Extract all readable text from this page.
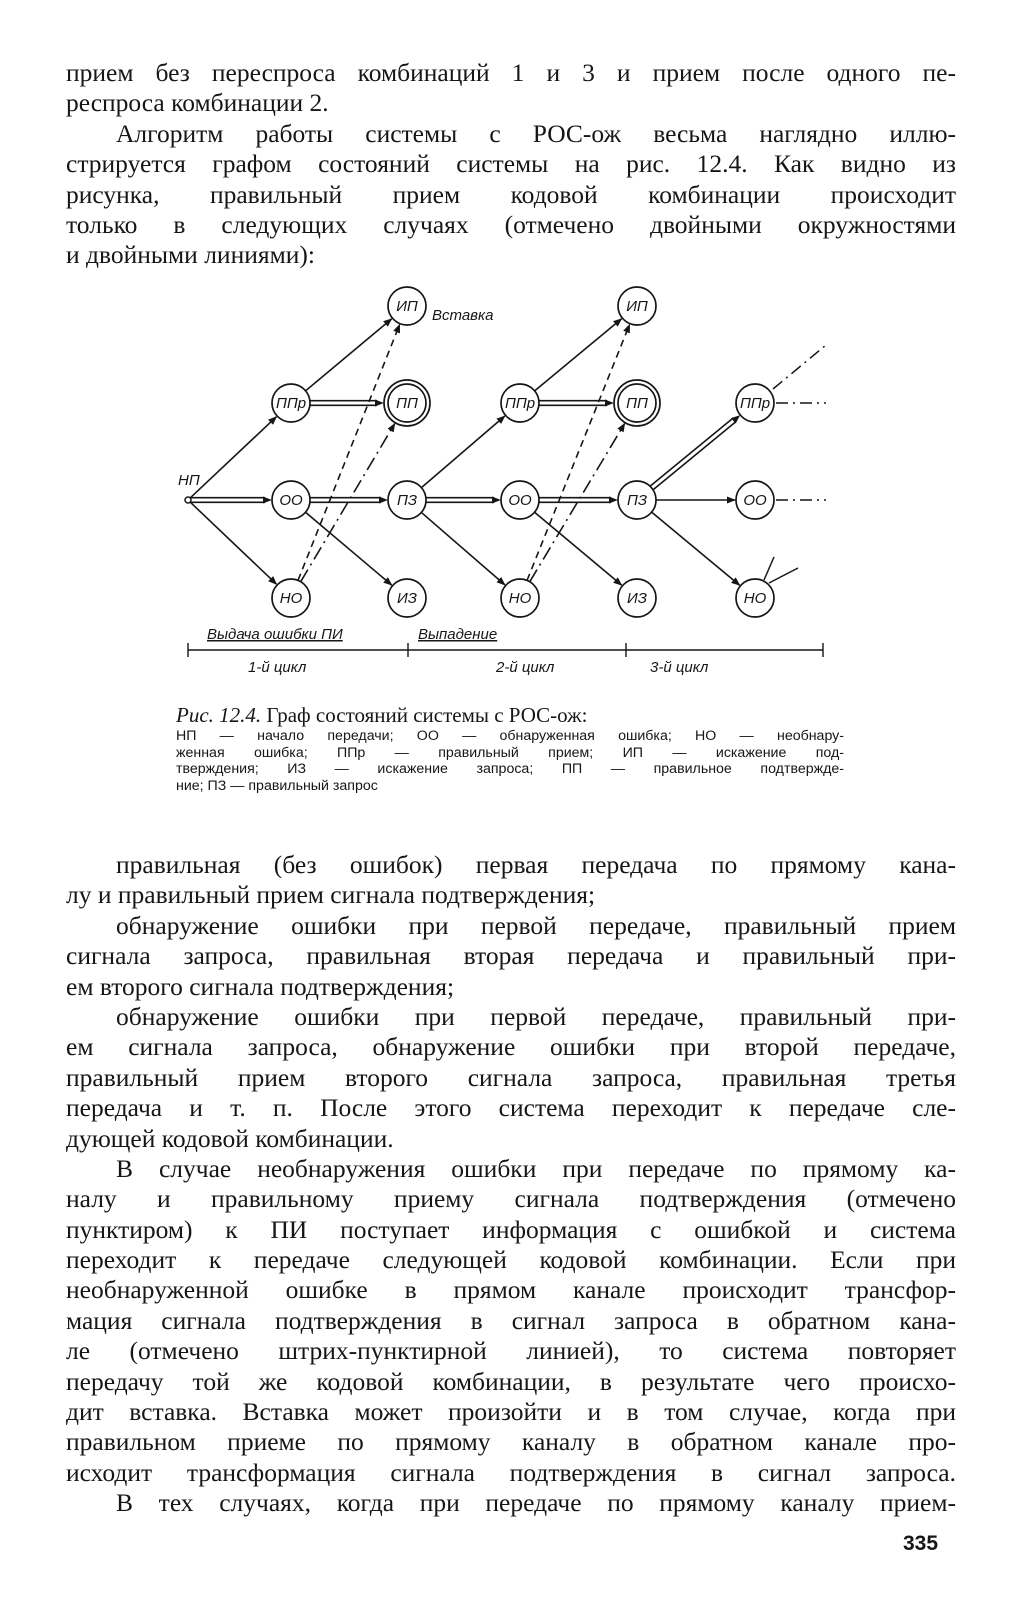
прием без переспроса комбинаций 1 и 3 и прием после одного пе-
респроса комбинации 2.
Алгоритм работы системы с РОС-ож весьма наглядно иллю-
стрируется графом состояний системы на рис. 12.4. Как видно из
рисунка, правильный прием кодовой комбинации происходит
только в следующих случаях (отмечено двойными окружностями
и двойными линиями):
ИП
ППр	ПП
ОО	ПЗ
НО	ИЗ
ИП
ППр	ПП
ОО	ПЗ
НО	ИЗ
ППр
ОО
НО
НП
Вставка
Выдача ошибки ПИ	Выпадение
1-й цикл	2-й цикл	3-й цикл
Рис. 12.4. Граф состояний системы с РОС-ож:
НП — начало передачи; ОО — обнаруженная ошибка; НО — необнару-
женная ошибка; ППр — правильный прием; ИП — искажение под-
тверждения; ИЗ — искажение запроса; ПП — правильное подтвержде-
ние; ПЗ — правильный запрос
правильная (без ошибок) первая передача по прямому кана-
лу и правильный прием сигнала подтверждения;
обнаружение ошибки при первой передаче, правильный прием
сигнала запроса, правильная вторая передача и правильный при-
ем второго сигнала подтверждения;
обнаружение ошибки при первой передаче, правильный при-
ем сигнала запроса, обнаружение ошибки при второй передаче,
правильный прием второго сигнала запроса, правильная третья
передача и т. п. После этого система переходит к передаче сле-
дующей кодовой комбинации.
В случае необнаружения ошибки при передаче по прямому ка-
налу и правильному приему сигнала подтверждения (отмечено
пунктиром) к ПИ поступает информация с ошибкой и система
переходит к передаче следующей кодовой комбинации. Если при
необнаруженной ошибке в прямом канале происходит трансфор-
мация сигнала подтверждения в сигнал запроса в обратном кана-
ле (отмечено штрих-пунктирной линией), то система повторяет
передачу той же кодовой комбинации, в результате чего происхо-
дит вставка. Вставка может произойти и в том случае, когда при
правильном приеме по прямому каналу в обратном канале про-
исходит трансформация сигнала подтверждения в сигнал запроса.
В тех случаях, когда при передаче по прямому каналу прием-
335
